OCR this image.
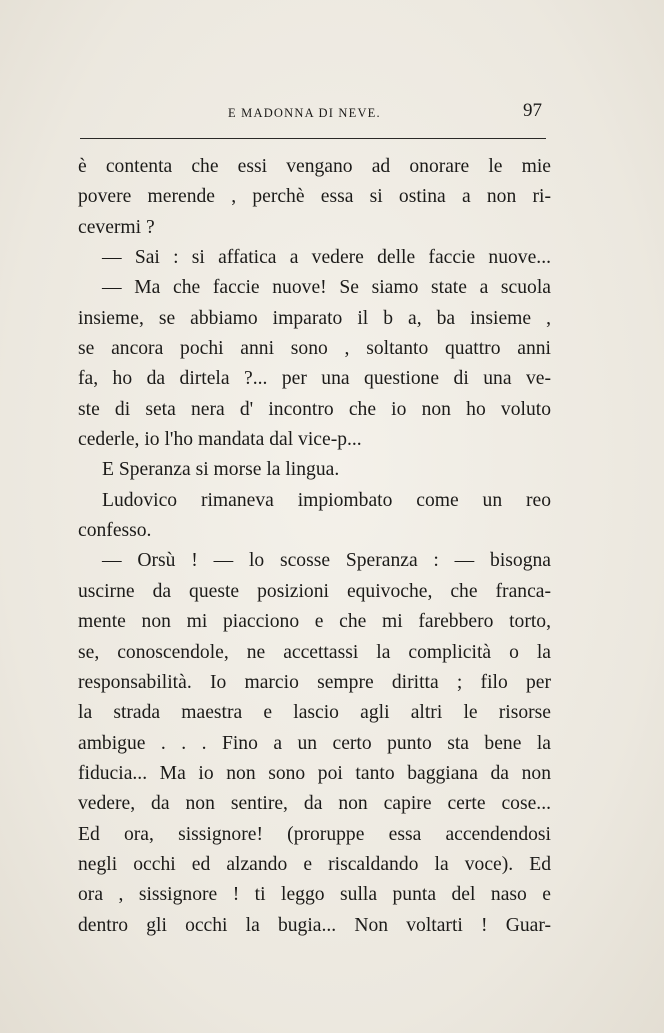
E MADONNA DI NEVE.	97
è contenta che essi vengano ad onorare le mie
povere merende , perchè essa si ostina a non ri-
cevermi ?
— Sai : si affatica a vedere delle faccie nuove...
— Ma che faccie nuove! Se siamo state a scuola
insieme, se abbiamo imparato il b a, ba insieme ,
se ancora pochi anni sono , soltanto quattro anni
fa, ho da dirtela ?... per una questione di una ve-
ste di seta nera d' incontro che io non ho voluto
cederle, io l'ho mandata dal vice-p...
E Speranza si morse la lingua.
Ludovico rimaneva impiombato come un reo
confesso.
— Orsù ! — lo scosse Speranza : — bisogna
uscirne da queste posizioni equivoche, che franca-
mente non mi piacciono e che mi farebbero torto,
se, conoscendole, ne accettassi la complicità o la
responsabilità. Io marcio sempre diritta ; filo per
la strada maestra e lascio agli altri le risorse
ambigue . . . Fino a un certo punto sta bene la
fiducia... Ma io non sono poi tanto baggiana da non
vedere, da non sentire, da non capire certe cose...
Ed ora, sissignore! (proruppe essa accendendosi
negli occhi ed alzando e riscaldando la voce). Ed
ora , sissignore ! ti leggo sulla punta del naso e
dentro gli occhi la bugia... Non voltarti ! Guar-
